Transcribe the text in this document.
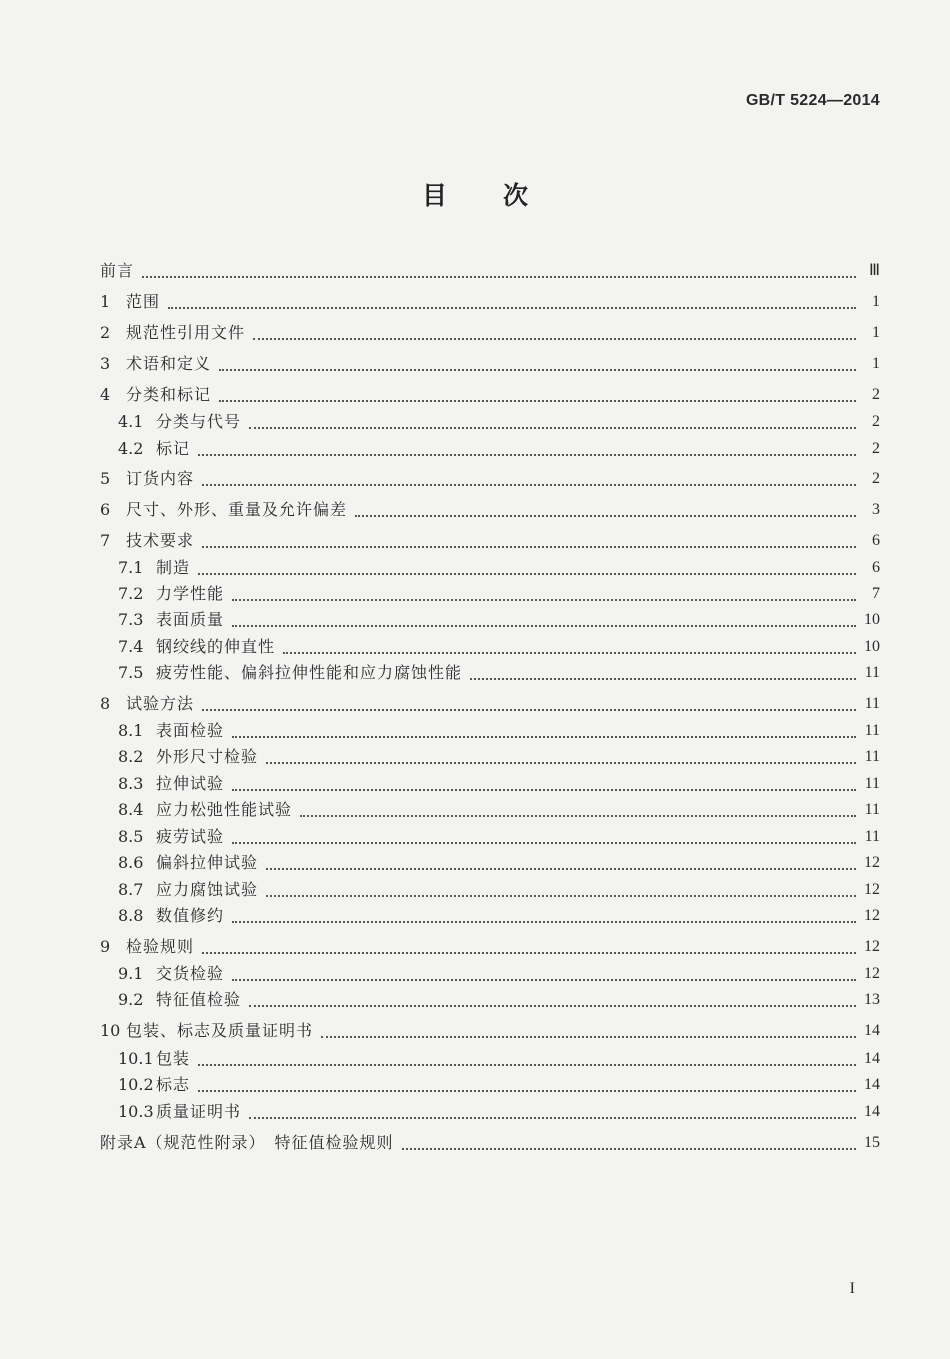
GB/T 5224—2014
目 次
前言	Ⅲ
1 范围	1
2 规范性引用文件	1
3 术语和定义	1
4 分类和标记	2
4.1 分类与代号	2
4.2 标记	2
5 订货内容	2
6 尺寸、外形、重量及允许偏差	3
7 技术要求	6
7.1 制造	6
7.2 力学性能	7
7.3 表面质量	10
7.4 钢绞线的伸直性	10
7.5 疲劳性能、偏斜拉伸性能和应力腐蚀性能	11
8 试验方法	11
8.1 表面检验	11
8.2 外形尺寸检验	11
8.3 拉伸试验	11
8.4 应力松弛性能试验	11
8.5 疲劳试验	11
8.6 偏斜拉伸试验	12
8.7 应力腐蚀试验	12
8.8 数值修约	12
9 检验规则	12
9.1 交货检验	12
9.2 特征值检验	13
10 包装、标志及质量证明书	14
10.1 包装	14
10.2 标志	14
10.3 质量证明书	14
附录A（规范性附录）　特征值检验规则	15
I
